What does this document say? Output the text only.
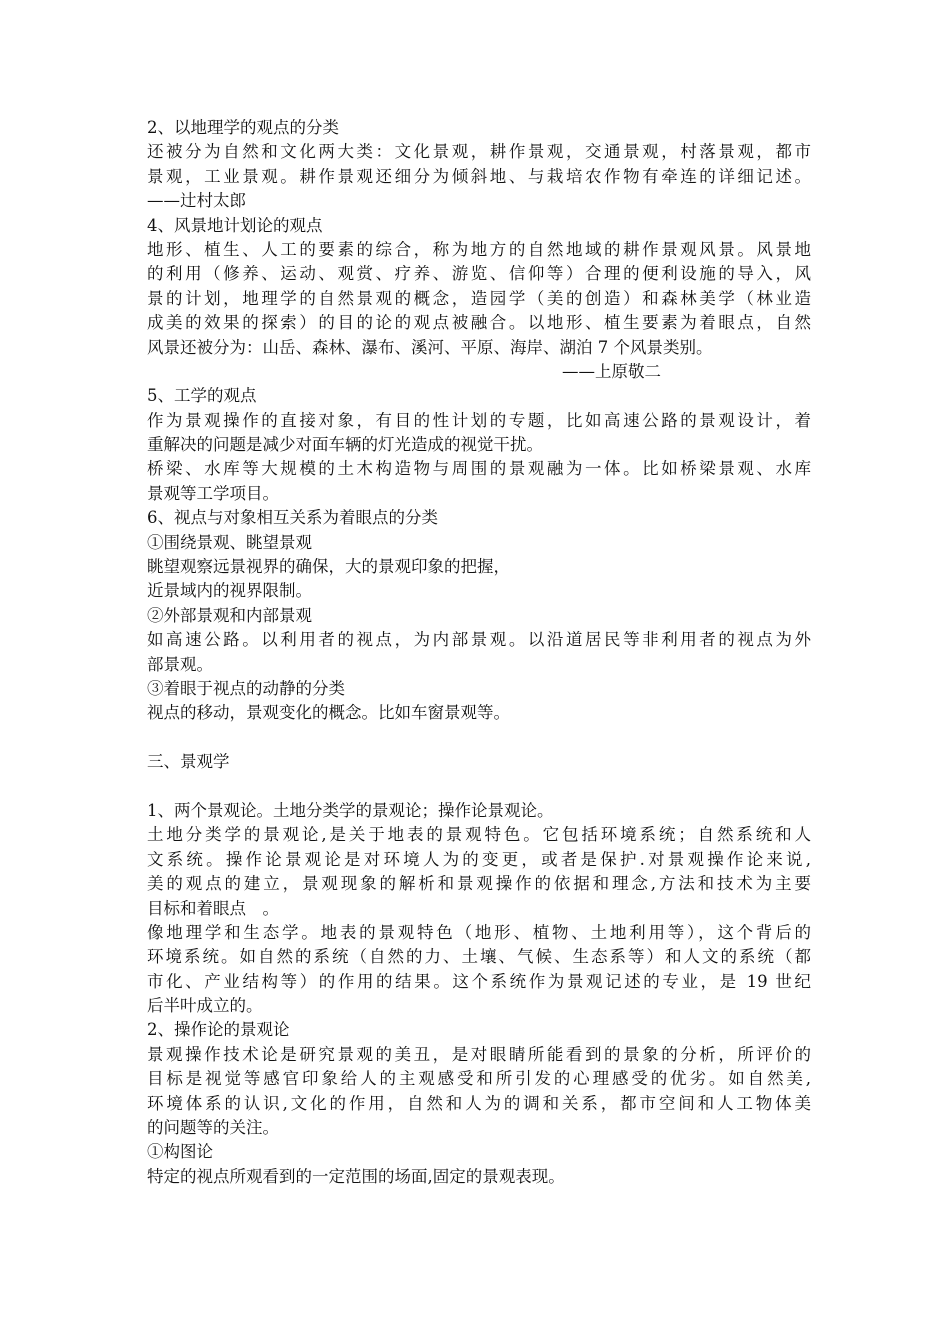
2、以地理学的观点的分类
还被分为自然和文化两大类：文化景观，耕作景观，交通景观，村落景观，都市
景观，工业景观。耕作景观还细分为倾斜地、与栽培农作物有牵连的详细记述。
——辻村太郎
4、风景地计划论的观点
地形、植生、人工的要素的综合，称为地方的自然地域的耕作景观风景。风景地
的利用（修养、运动、观赏、疗养、游览、信仰等）合理的便利设施的导入，风
景的计划，地理学的自然景观的概念，造园学（美的创造）和森林美学（林业造
成美的效果的探索）的目的论的观点被融合。以地形、植生要素为着眼点，自然
风景还被分为：山岳、森林、瀑布、溪河、平原、海岸、湖泊 7 个风景类别。
——上原敬二
5、工学的观点
作为景观操作的直接对象，有目的性计划的专题，比如高速公路的景观设计，着
重解决的问题是减少对面车辆的灯光造成的视觉干扰。
桥梁、水库等大规模的土木构造物与周围的景观融为一体。比如桥梁景观、水库
景观等工学项目。
6、视点与对象相互关系为着眼点的分类
①围绕景观、眺望景观
眺望观察远景视界的确保，大的景观印象的把握，
近景域内的视界限制。
②外部景观和内部景观
如高速公路。以利用者的视点，为内部景观。以沿道居民等非利用者的视点为外
部景观。
③着眼于视点的动静的分类
视点的移动，景观变化的概念。比如车窗景观等。
三、景观学
1、两个景观论。土地分类学的景观论；操作论景观论。
土地分类学的景观论,是关于地表的景观特色。它包括环境系统；自然系统和人
文系统。操作论景观论是对环境人为的变更，或者是保护.对景观操作论来说,
美的观点的建立，景观现象的解析和景观操作的依据和理念,方法和技术为主要
目标和着眼点　。
像地理学和生态学。地表的景观特色（地形、植物、土地利用等），这个背后的
环境系统。如自然的系统（自然的力、土壤、气候、生态系等）和人文的系统（都
市化、产业结构等）的作用的结果。这个系统作为景观记述的专业，是 19 世纪
后半叶成立的。
2、操作论的景观论
景观操作技术论是研究景观的美丑，是对眼睛所能看到的景象的分析，所评价的
目标是视觉等感官印象给人的主观感受和所引发的心理感受的优劣。如自然美,
环境体系的认识,文化的作用，自然和人为的调和关系，都市空间和人工物体美
的问题等的关注。
①构图论
特定的视点所观看到的一定范围的场面,固定的景观表现。
